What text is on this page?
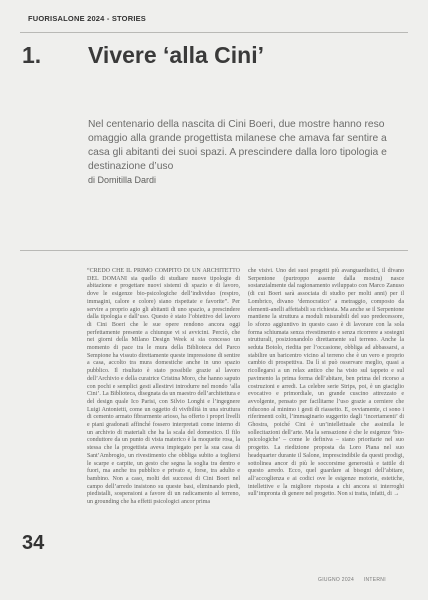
FUORISALONE 2024 - STORIES
1. Vivere ‘alla Cini’
Nel centenario della nascita di Cini Boeri, due mostre hanno reso omaggio alla grande progettista milanese che amava far sentire a casa gli abitanti dei suoi spazi. A prescindere dalla loro tipologia e destinazione d’uso
di Domitilla Dardi

“CREDO CHE IL PRIMO COMPITO DI UN ARCHITETTO DEL DOMANI sia quello di studiare nuove tipologie di abitazione e progettare nuovi sistemi di spazio e di lavoro, dove le esigenze bio-psicologiche dell’individuo (respiro, immagini, calore e colore) siano rispettate e favorite”. Per servire a proprio agio gli abitanti di uno spazio, a prescindere dalla tipologia e dall’uso. Questo è stato l’obiettivo del lavoro di Cini Boeri che le sue opere rendono ancora oggi perfettamente presente a chiunque vi si avvicini. Perciò, che nei giorni della Milano Design Week si sia concesso un momento di pace tra le mura della Biblioteca del Parco Sempione ha vissuto direttamente queste impressione di sentire a casa, accolto tra mura domestiche anche in uno spazio pubblico. Il risultato è stato possibile grazie al lavoro dell’Archivio e della curatrice Cristina Moro, che hanno saputo con pochi e semplici gesti allestirvi introdurre nel mondo ‘alla Cini’. La Biblioteca, disegnata da un maestro dell’architettura e del design quale Ico Parisi, con Silvio Longhi e l’ingegnere Luigi Antonietti, come un oggetto di vivibilità in una struttura di cemento armato fibrarmente arioso, ha offerto i propri livelli e piani gradonati affinché fossero interpretati come interno di un archivio di materiali che ha la scala del domestico. Il filo conduttore da un punto di vista materico è la moquette rosa, la stessa che la progettista aveva impiegato per la sua casa di Sant’Ambrogio, un rivestimento che obbliga subito a togliersi le scarpe e carpite, un gesto che segna la soglia tra dentro e fuori, ma anche tra pubblico e privato e, forse, tra adulto e bambino. Non a caso, molti dei successi di Cini Boeri nel campo dell’arredo insistono su queste basi, eliminando piedi, piedistalli, sospensioni a favore di un radicamento al terreno, un grounding che ha effetti psicologici ancor prima

che visivi. Uno dei suoi progetti più avanguardistici, il divano Serpentone (purtroppo assente dalla mostra) nasce sostanzialmente dal ragionamento sviluppato con Marco Zanuso (di cui Boeri sarà associata di studio per molti anni) per il Lombrico, divano ‘democratico’ a metraggio, composto da elementi-anelli affettabili su richiesta. Ma anche se il Serpentone mantiene la struttura a moduli misurabili del suo predecessore, lo sforzo aggiuntivo in questo caso è di lavorare con la sola forma schiumata senza rivestimento e senza ricorrere a sostegni strutturali, posizionandolo direttamente sul terreno. Anche la seduta Botolo, riedita per l’occasione, obbliga ad abbassarsi, a stabilire un baricentro vicino al terreno che è un vero e proprio cambio di prospettiva. Da lì si può osservare meglio, quasi a ricollegarsi a un relax antico che ha visto sul tappeto e sul pavimento la prima forma dell’abitare, ben prima del ricorso a costruzioni e arredi. La celebre serie Strips, poi, è un giaciglio evocativo e primordiale, un grande cuscino attrezzato e avvolgente, pensato per facilitarne l’uso grazie a cerniere che riducono al minimo i gesti di riassetto. E, ovviamente, ci sono i riferimenti colti, l’immaginario suggerito dagli ‘incertamenti’ di Ghostra, poiché Cini è un’intellettuale che assimila le sollecitazioni dell’arte. Ma la sensazione è che le esigenze ‘bio-psicologiche’ – come le definiva – siano prioritarie nel suo progetto. La riedizione proposta da Loro Piana nel suo headquarter durante il Salone, imprescindibile da questi prodigi, sottolinea ancor di più le soccorsime generosità e tattile di questo arredo. Ecco, quel guardare ai bisogni dell’abitare, all’accoglienza e ai codici ove le esigenze motorie, estetiche, intellettive e la migliore risposta a chi ancora si interroghi sull’impronta di genere nel progetto. Non si tratta, infatti, di →

34
GIUGNO 2024 INTERNI
